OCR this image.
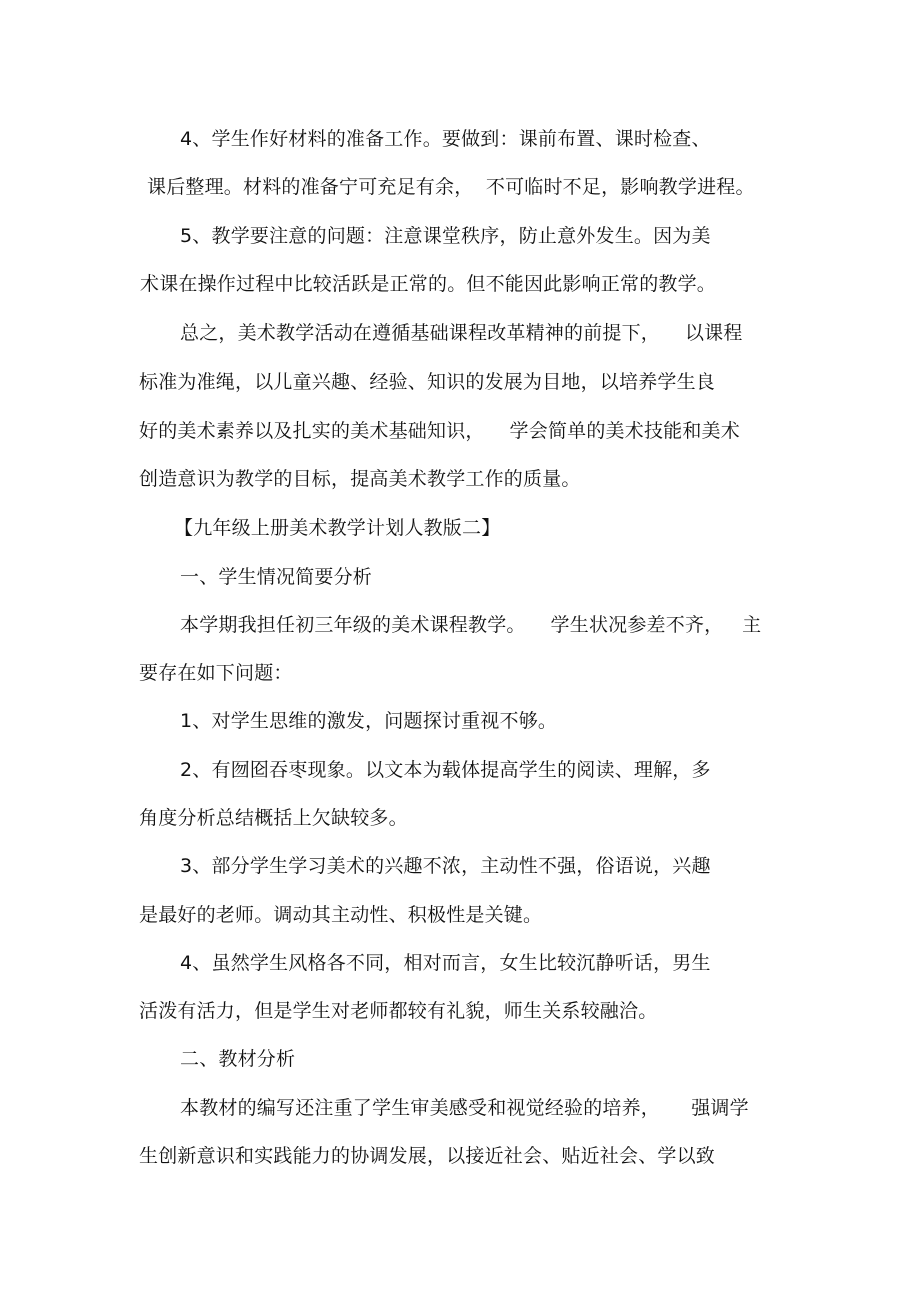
4、学生作好材料的准备工作。要做到：课前布置、课时检查、
课后整理。材料的准备宁可充足有余，  不可临时不足，影响教学进程。
5、教学要注意的问题：注意课堂秩序，防止意外发生。因为美
术课在操作过程中比较活跃是正常的。但不能因此影响正常的教学。
总之，美术教学活动在遵循基础课程改革精神的前提下，    以课程
标准为准绳，以儿童兴趣、经验、知识的发展为目地，以培养学生良
好的美术素养以及扎实的美术基础知识，    学会简单的美术技能和美术
创造意识为教学的目标，提高美术教学工作的质量。
【九年级上册美术教学计划人教版二】
一、学生情况简要分析
本学期我担任初三年级的美术课程教学。    学生状况参差不齐，   主
要存在如下问题：
1、对学生思维的激发，问题探讨重视不够。
2、有囫囵吞枣现象。以文本为载体提高学生的阅读、理解，多
角度分析总结概括上欠缺较多。
3、部分学生学习美术的兴趣不浓，主动性不强，俗语说，兴趣
是最好的老师。调动其主动性、积极性是关键。
4、虽然学生风格各不同，相对而言，女生比较沉静听话，男生
活泼有活力，但是学生对老师都较有礼貌，师生关系较融洽。
二、教材分析
本教材的编写还注重了学生审美感受和视觉经验的培养，     强调学
生创新意识和实践能力的协调发展，以接近社会、贴近社会、学以致
